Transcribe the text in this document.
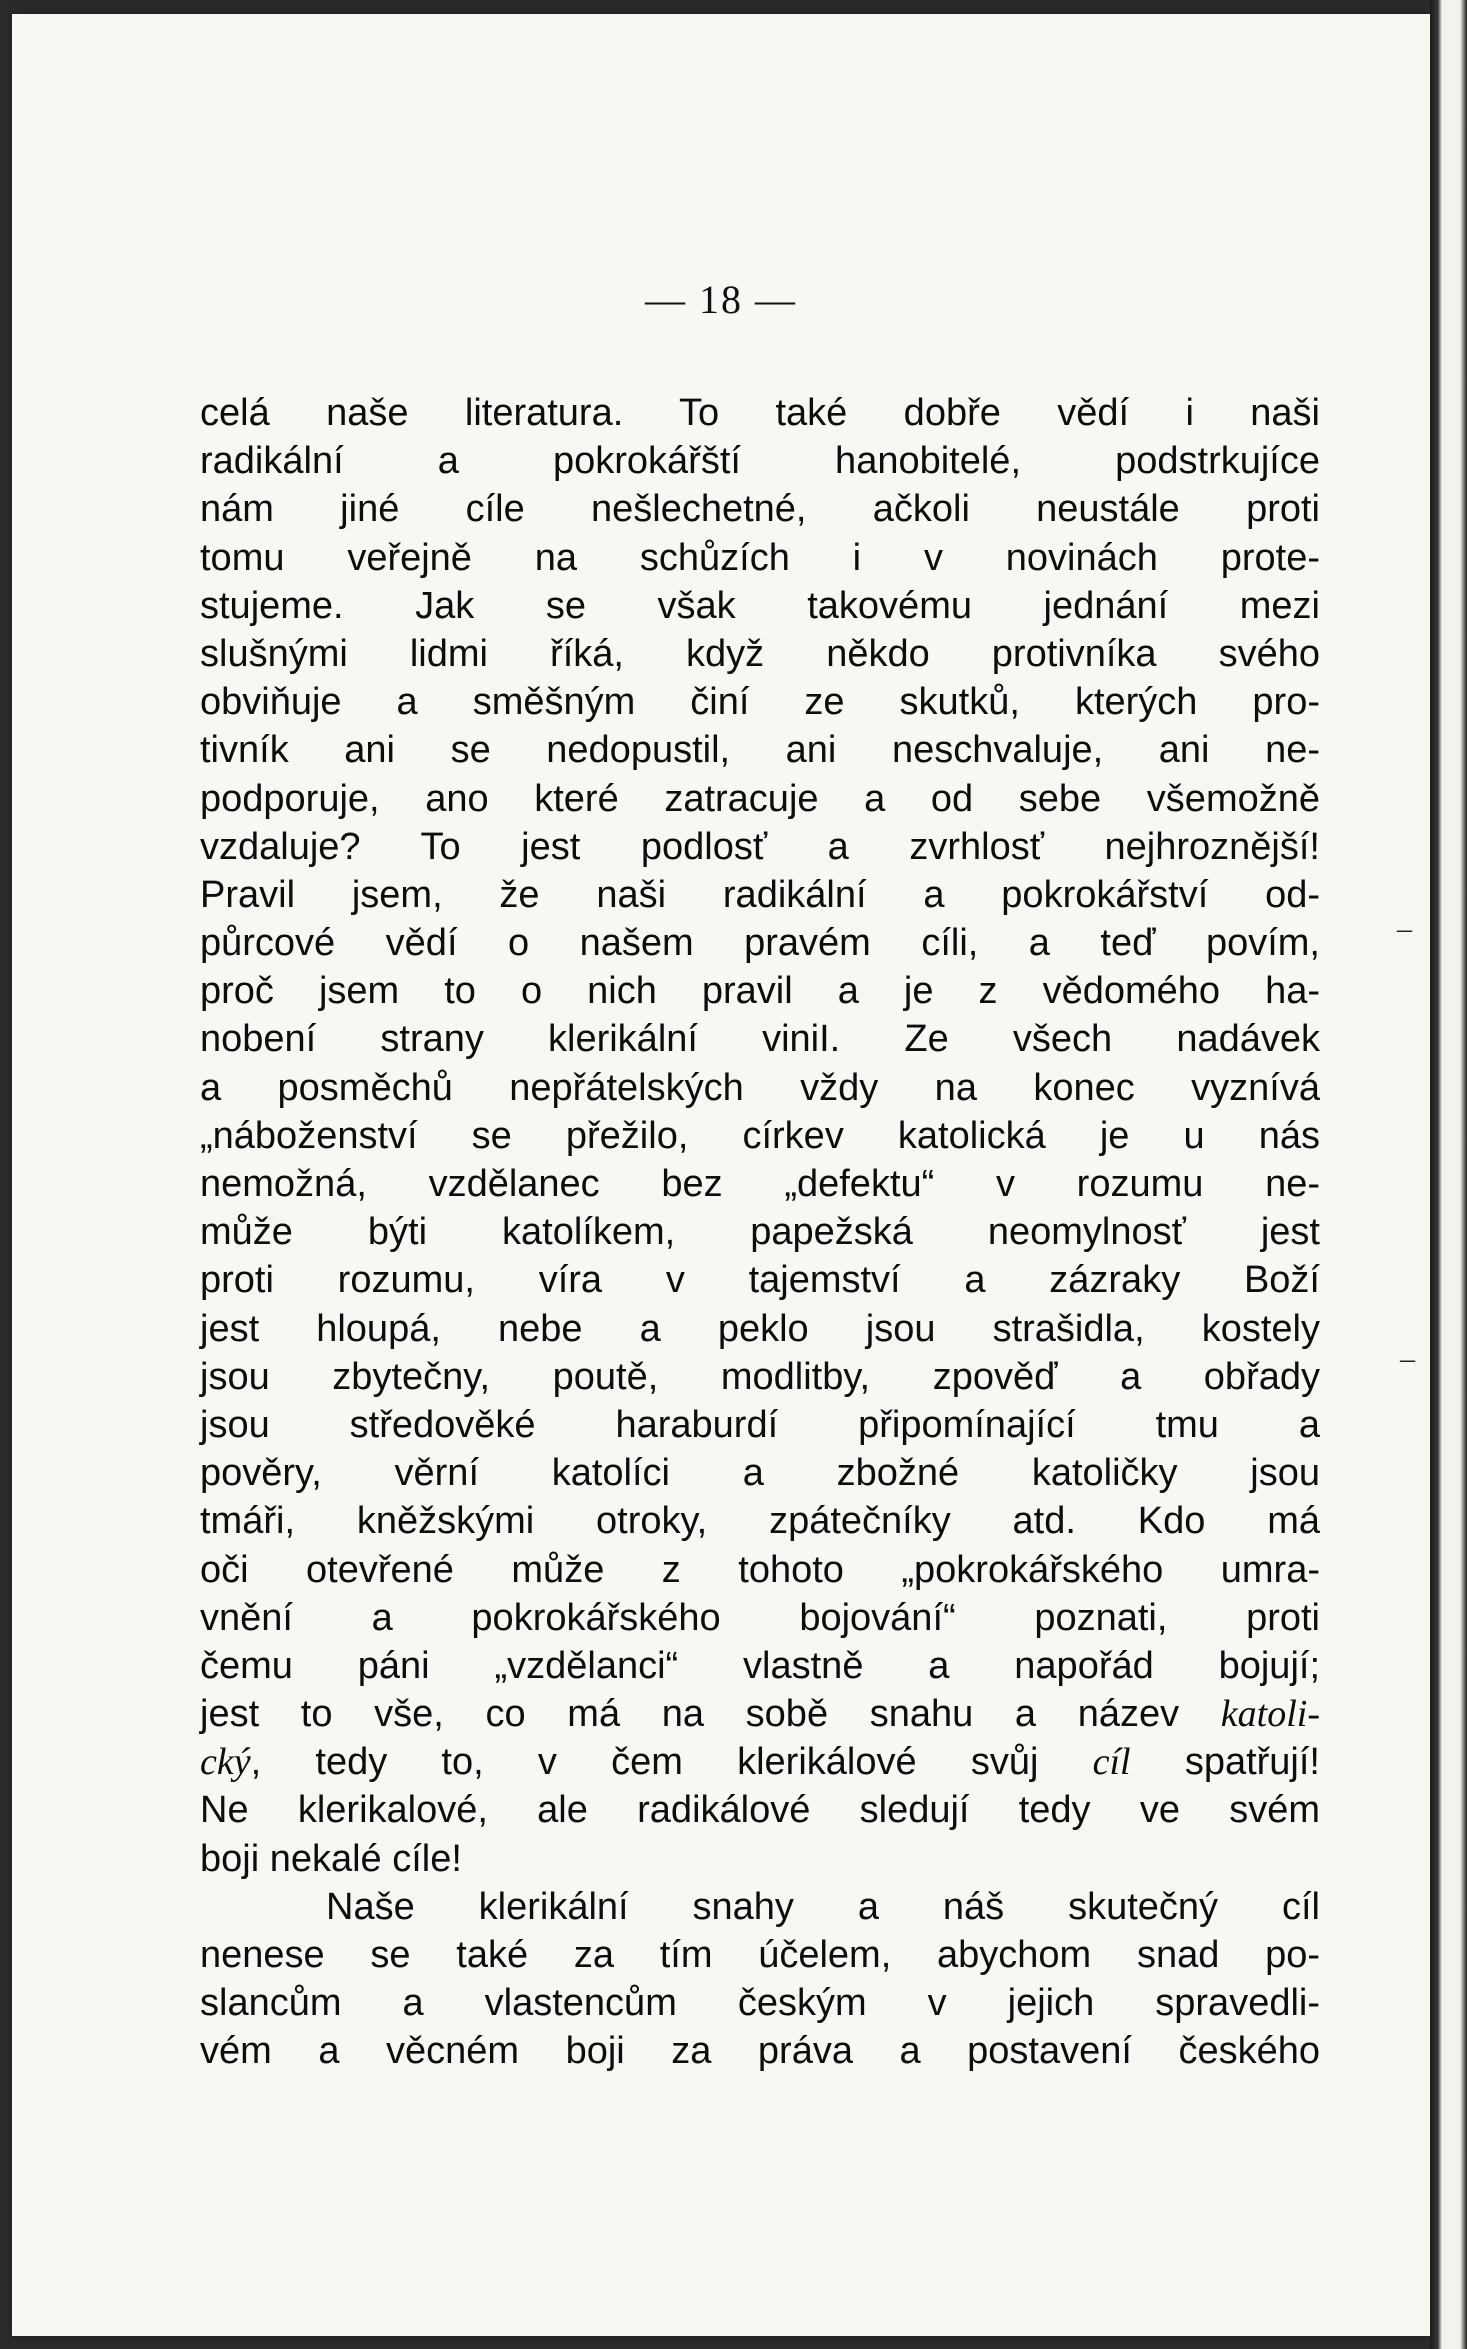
— 18 —

celá naše literatura. To také dobře vědí i naši
radikální a pokrokářští hanobitelé, podstrkujíce
nám jiné cíle nešlechetné, ačkoli neustále proti
tomu veřejně na schůzích i v novinách prote-
stujeme. Jak se však takovému jednání mezi
slušnými lidmi říká, když někdo protivníka svého
obviňuje a směšným činí ze skutků, kterých pro-
tivník ani se nedopustil, ani neschvaluje, ani ne-
podporuje, ano které zatracuje a od sebe všemožně
vzdaluje? To jest podlosť a zvrhlosť nejhroznější!
Pravil jsem, že naši radikální a pokrokářství od-
půrcové vědí o našem pravém cíli, a teď povím,
proč jsem to o nich pravil a je z vědomého ha-
nobení strany klerikální viniI. Ze všech nadávek
a posměchů nepřátelských vždy na konec vyznívá
„náboženství se přežilo, církev katolická je u nás
nemožná, vzdělanec bez „defektu“ v rozumu ne-
může býti katolíkem, papežská neomylnosť jest
proti rozumu, víra v tajemství a zázraky Boží
jest hloupá, nebe a peklo jsou strašidla, kostely
jsou zbytečny, poutě, modlitby, zpověď a obřady
jsou středověké haraburdí připomínající tmu a
pověry, věrní katolíci a zbožné katoličky jsou
tmáři, kněžskými otroky, zpátečníky atd. Kdo má
oči otevřené může z tohoto „pokrokářského umra-
vnění a pokrokářského bojování“ poznati, proti
čemu páni „vzdělanci“ vlastně a napořád bojují;
jest to vše, co má na sobě snahu a název katoli-
cký, tedy to, v čem klerikálové svůj cíl spatřují!
Ne klerikalové, ale radikálové sledují tedy ve svém
boji nekalé cíle!
Naše klerikální snahy a náš skutečný cíl
nenese se také za tím účelem, abychom snad po-
slancům a vlastencům českým v jejich spravedli-
vém a věcném boji za práva a postavení českého
–
–
